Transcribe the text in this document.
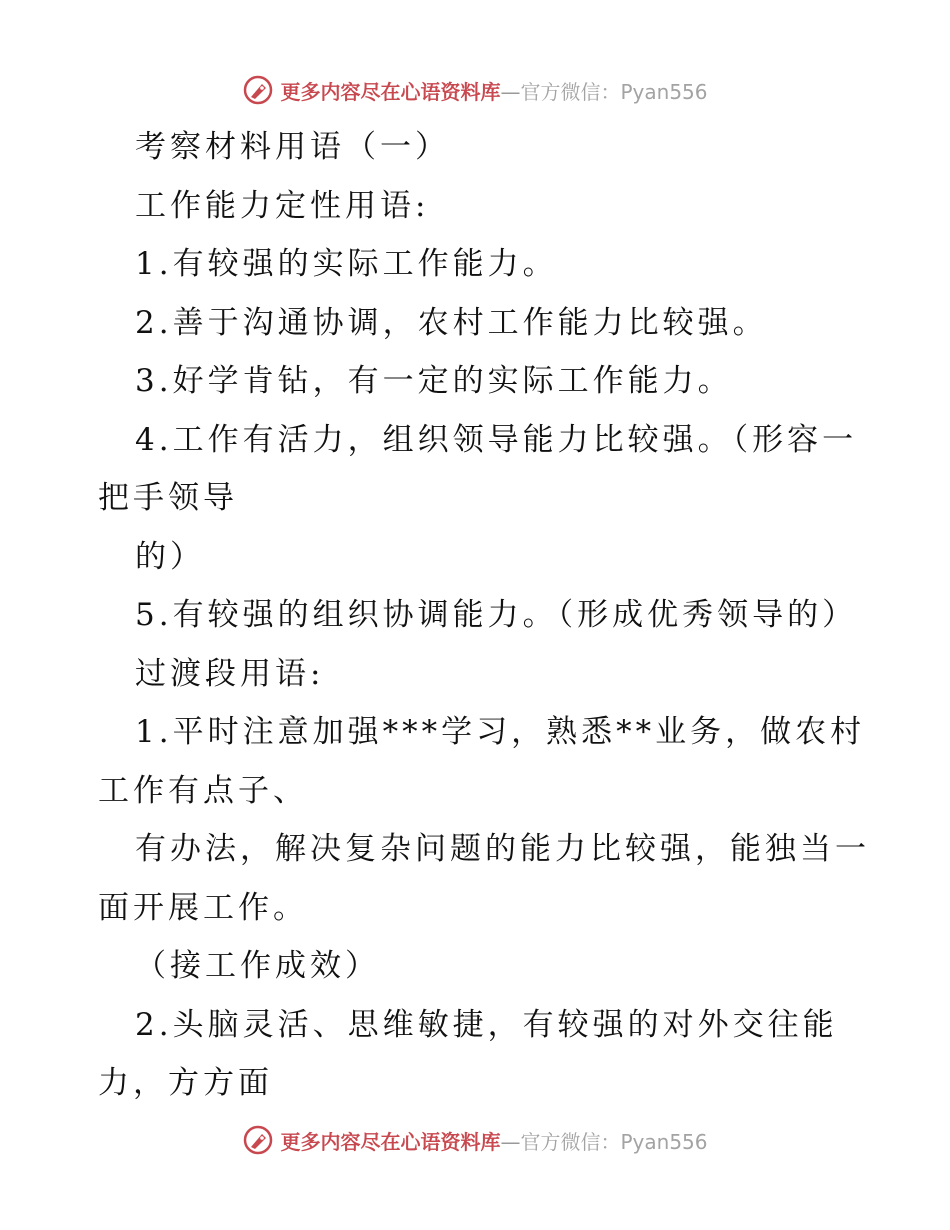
更多内容尽在心语资料库—官方微信：Pyan556
考察材料用语（一）
工作能力定性用语:
1.有较强的实际工作能力。
2.善于沟通协调，农村工作能力比较强。
3.好学肯钻，有一定的实际工作能力。
4.工作有活力，组织领导能力比较强。（形容一
把手领导
的）
5.有较强的组织协调能力。（形成优秀领导的）
过渡段用语:
1.平时注意加强***学习，熟悉**业务，做农村
工作有点子、
有办法，解决复杂问题的能力比较强，能独当一
面开展工作。
（接工作成效）
2.头脑灵活、思维敏捷，有较强的对外交往能
力，方方面
更多内容尽在心语资料库—官方微信：Pyan556
